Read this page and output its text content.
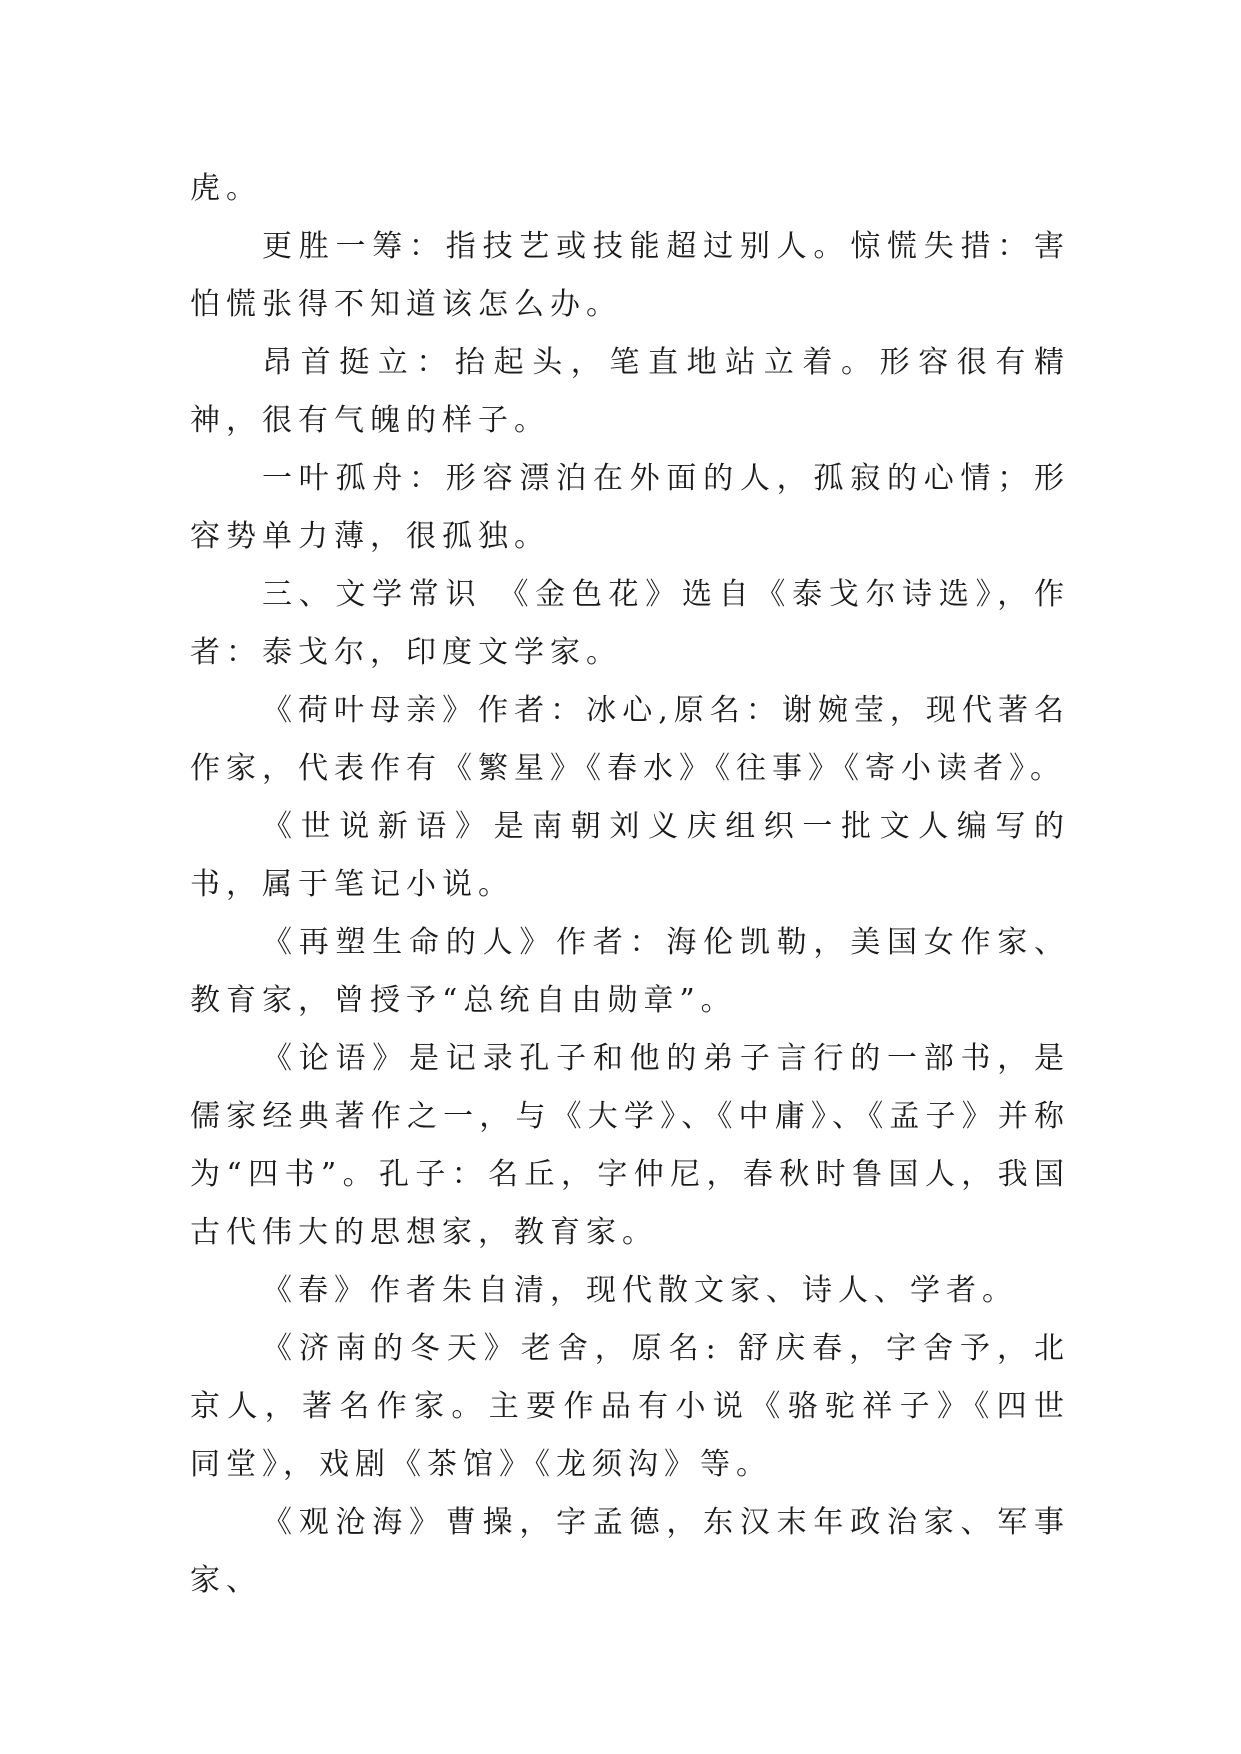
虎。

更胜一筹：指技艺或技能超过别人。惊慌失措：害怕慌张得不知道该怎么办。

昂首挺立：抬起头，笔直地站立着。形容很有精神，很有气魄的样子。

一叶孤舟：形容漂泊在外面的人，孤寂的心情；形容势单力薄，很孤独。

三、文学常识 《金色花》选自《泰戈尔诗选》，作者：泰戈尔，印度文学家。

《荷叶母亲》作者：冰心,原名：谢婉莹，现代著名作家，代表作有《繁星》《春水》《往事》《寄小读者》。

《世说新语》是南朝刘义庆组织一批文人编写的书，属于笔记小说。

《再塑生命的人》作者：海伦凯勒，美国女作家、教育家，曾授予“总统自由勋章”。

《论语》是记录孔子和他的弟子言行的一部书，是儒家经典著作之一，与《大学》、《中庸》、《孟子》并称为“四书”。孔子：名丘，字仲尼，春秋时鲁国人，我国古代伟大的思想家，教育家。

《春》作者朱自清，现代散文家、诗人、学者。

《济南的冬天》老舍，原名: 舒庆春，字舍予，北京人，著名作家。主要作品有小说《骆驼祥子》《四世同堂》，戏剧《茶馆》《龙须沟》等。

《观沧海》曹操，字孟德，东汉末年政治家、军事家、
